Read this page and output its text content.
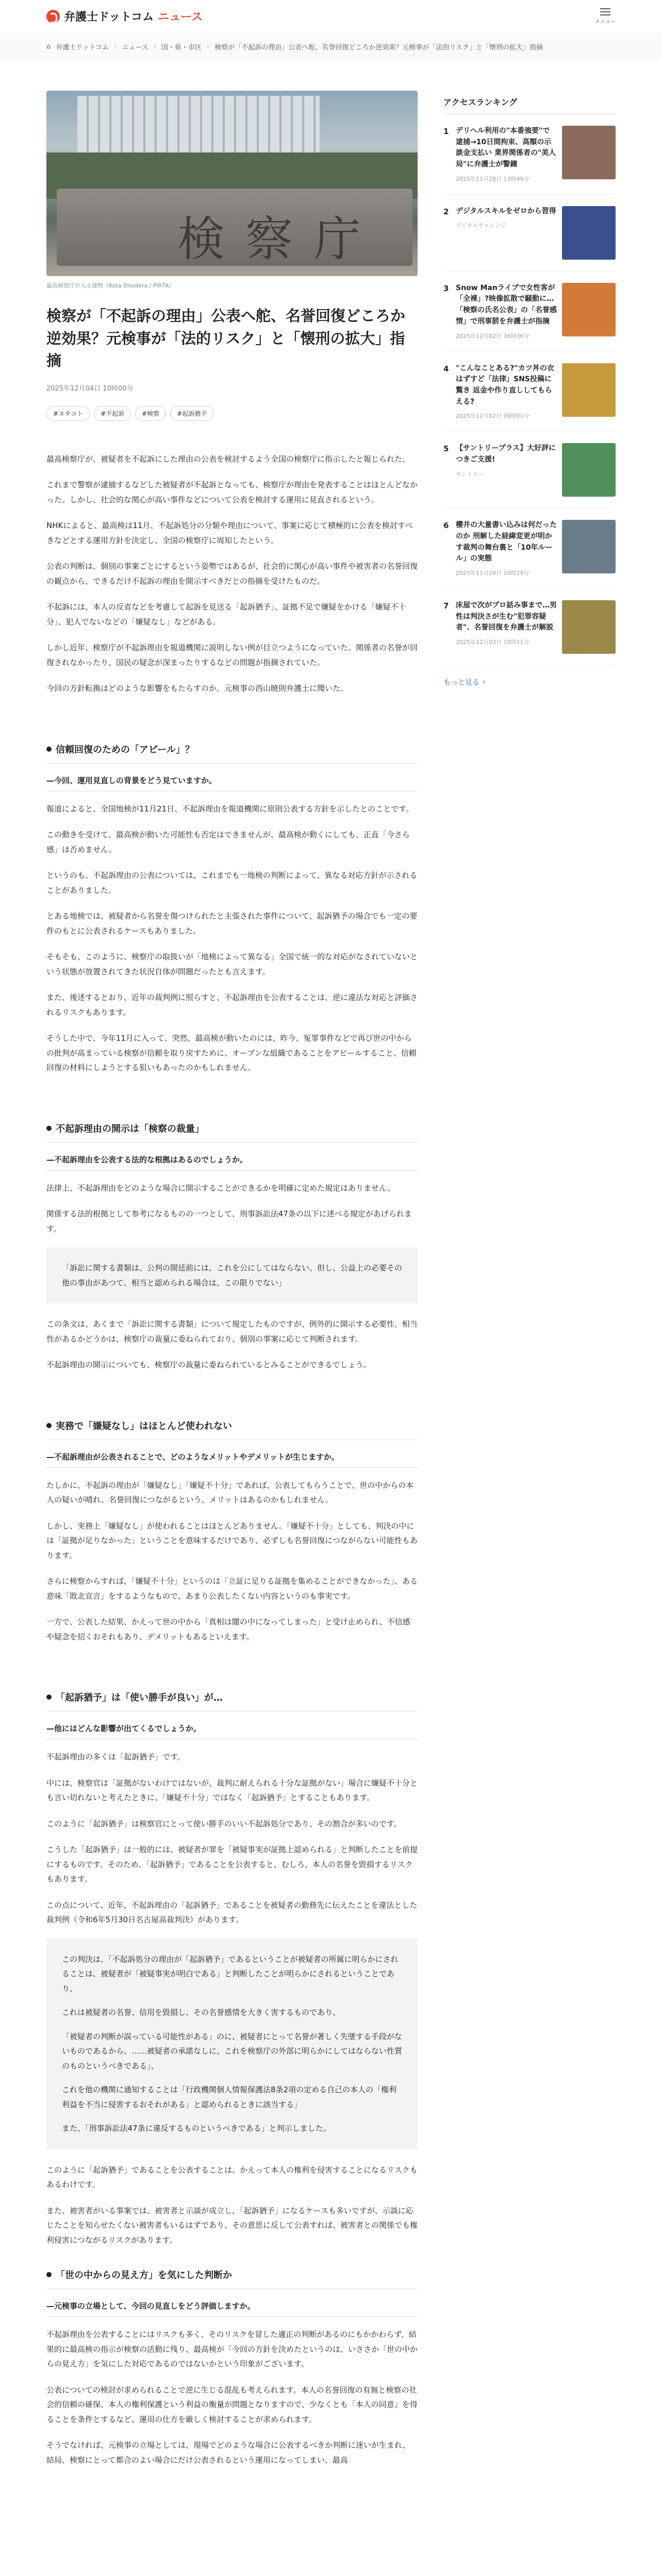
弁護士ドットコム ニュース	メニュー
⌂ 弁護士ドットコム › ニュース › 国・県・市区 › 検察が「不起訴の理由」公表へ舵、名誉回復どころか逆効果？元検事が「法的リスク」と「懐刑の拡大」指摘
検察庁
最高検察庁が入る建物（Kota Onodera / PIXTA）
検察が「不起訴の理由」公表へ舵、名誉回復どころか逆効果？元検事が「法的リスク」と「懐刑の拡大」指摘
2025年12月04日 10時00分
#ヌタコト	#不起訴	#検察	#起訴猶予

最高検察庁が、被疑者を不起訴にした理由の公表を検討するよう全国の検察庁に指示したと報じられた。

これまで警察が逮捕するなどした被疑者が不起訴となっても、検察庁が理由を発表することはほとんどなかった。しかし、社会的な関心が高い事件などについて公表を検討する運用に見直されるという。

NHKによると、最高検は11月、不起訴処分の分類や理由について、事案に応じて積極的に公表を検討すべきなどとする運用方針を決定し、全国の検察庁に周知したという。

公表の判断は、個別の事案ごとにするという姿勢ではあるが、社会的に関心が高い事件や被害者の名誉回復の観点から、できるだけ不起訴の理由を開示すべきだとの指摘を受けたものだ。

不起訴には、本人の反省などを考慮して起訴を見送る「起訴猶予」、証拠不足で嫌疑をかける「嫌疑不十分」、犯人でないなどの「嫌疑なし」などがある。

しかし近年、検察庁が不起訴理由を報道機関に説明しない例が目立つようになっていた。関係者の名誉が回復されなかったり、国民の疑念が深まったりするなどの問題が指摘されていた。

今回の方針転換はどのような影響をもたらすのか。元検事の西山暁則弁護士に聞いた。

信頼回復のための「アピール」？
—今回、運用見直しの背景をどう見ていますか。

報道によると、全国地検が11月21日、不起訴理由を報道機関に原則公表する方針を示したとのことです。

この動きを受けて、最高検が動いた可能性も否定はできませんが、最高検が動くにしても、正直「今さら感」は否めません。

というのも、不起訴理由の公表については、これまでも一地検の判断によって、異なる対応方針が示されることがありました。

とある地検では、被疑者から名誉を傷つけられたと主張された事件について、起訴猶予の場合でも一定の要件のもとに公表されるケースもありました。

そもそも、このように、検察庁の取扱いが「地検によって異なる」全国で統一的な対応がなされていないという状態が放置されてきた状況自体が問題だったとも言えます。

また、後述するとおり、近年の裁判例に照らすと、不起訴理由を公表することは、逆に違法な対応と評価されるリスクもあります。

そうした中で、今年11月に入って、突然、最高検が動いたのには、昨今、冤罪事件などで再び世の中からの批判が高まっている検察が信頼を取り戻すために、オープンな組織であることをアピールすること、信頼回復の材料にしようとする狙いもあったのかもしれません。

不起訴理由の開示は「検察の裁量」
—不起訴理由を公表する法的な根拠はあるのでしょうか。

法律上、不起訴理由をどのような場合に開示することができるかを明確に定めた規定はありません。

関係する法的根拠として参考になるものの一つとして、刑事訴訟法47条の以下に述べる規定があげられます。

「訴訟に関する書類は、公判の開廷前には、これを公にしてはならない。但し、公益上の必要その他の事由があつて、相当と認められる場合は、この限りでない」

この条文は、あくまで「訴訟に関する書類」について規定したものですが、例外的に開示する必要性、相当性があるかどうかは、検察庁の裁量に委ねられており、個別の事案に応じて判断されます。

不起訴理由の開示についても、検察庁の裁量に委ねられているとみることができるでしょう。

実務で「嫌疑なし」はほとんど使われない
—不起訴理由が公表されることで、どのようなメリットやデメリットが生じますか。

たしかに、不起訴の理由が「嫌疑なし」「嫌疑不十分」であれば、公表してもらうことで、世の中からの本人の疑いが晴れ、名誉回復につながるという、メリットはあるのかもしれません。

しかし、実務上「嫌疑なし」が使われることはほとんどありません。「嫌疑不十分」としても、判決の中には「証拠が足りなかった」ということを意味するだけであり、必ずしも名誉回復につながらない可能性もあります。

さらに検察からすれば、「嫌疑不十分」というのは「立証に足りる証拠を集めることができなかった」、ある意味「敗北宣言」をするようなもので、あまり公表したくない内容というのも事実です。

一方で、公表した結果、かえって世の中から「真相は闇の中になってしまった」と受け止められ、不信感や疑念を招くおそれもあり、デメリットもあるといえます。

「起訴猶予」は「使い勝手が良い」が…
—他にはどんな影響が出てくるでしょうか。

不起訴理由の多くは「起訴猶予」です。

中には、検察官は「証拠がないわけではないが、裁判に耐えられる十分な証拠がない」場合に嫌疑不十分とも言い切れないと考えたときに、「嫌疑不十分」ではなく「起訴猶予」とすることもあります。

このように「起訴猶予」は検察官にとって使い勝手のいい不起訴処分であり、その割合が多いのです。

こうした「起訴猶予」は一般的には、被疑者が罪を「被疑事実が証拠上認められる」と判断したことを前提にするものです。そのため、「起訴猶予」であることを公表すると、むしろ、本人の名誉を毀損するリスクもあります。

この点について、近年、不起訴理由の「起訴猶予」であることを被疑者の勤務先に伝えたことを違法とした裁判例（令和6年5月30日名古屋高裁判決）があります。

この判決は、「不起訴処分の理由が「起訴猶予」であるということが被疑者の所属に明らかにされることは、被疑者が「被疑事実が明白である」と判断したことが明らかにされるということであり、

これは被疑者の名誉、信用を毀損し、その名誉感情を大きく害するものであり、

「被疑者の判断が誤っている可能性がある」のに、被疑者にとって名誉が著しく失墜する手段がないものであるから、……被疑者の承諾なしに、これを検察庁の外部に明らかにしてはならない性質のものというべきである」、

これを他の機関に通知することは「行政機関個人情報保護法8条2項の定める自己の本人の「権利利益を不当に侵害するおそれがある」と認められるときに該当する」

また、「刑事訴訟法47条に違反するものというべきである」と判示しました。

このように「起訴猶予」であることを公表することは、かえって本人の権利を侵害することになるリスクもあるわけです。

また、被害者がいる事案では、被害者と示談が成立し、「起訴猶予」になるケースも多いですが、示談に応じたことを知らせたくない被害者もいるはずであり、その意思に反して公表すれば、被害者との関係でも権利侵害につながるリスクがあります。

「世の中からの見え方」を気にした判断か
—元検事の立場として、今回の見直しをどう評価しますか。

不起訴理由を公表することにはリスクも多く、そのリスクを冒した適正の判断があるのにもかかわらず、結果的に最高検の指示が検察の活動に残り、最高検が「今回の方針を決めたというのは、いささか「世の中からの見え方」を気にした対応であるのではないかという印象がございます。

公表についての検討が求められることで逆に生じる混乱も考えられます。本人の名誉回復の有無と検察の社会的信頼の確保、本人の権利保護という利益の衡量が問題となりますので、少なくとも「本人の同意」を得ることを条件とするなど、運用の仕方を厳しく検討することが求められます。

そうでなければ、元検事の立場としては、現場でどのような場合に公表するべきか判断に迷いが生まれ、結局、検察にとって都合のよい場合にだけ公表されるという運用になってしまい、最高

アクセスランキング
1 デリヘル利用の"本番強要"で逮捕→10日間拘束、高額の示談金支払い 業界関係者の"美人局"に弁護士が警鐘
2025年11月28日 13時49分
2 デジタルスキルをゼロから習得
デジタルチャレンジ
3 Snow Manライブで女性客が「全裸」?映像拡散で騒動に…「検察の氏名公表」の「名誉感情」で刑事罰を弁護士が指摘
2025年12月02日 16時36分
4 "こんなことある?"カツ丼の衣はずすど「法律」SNS投稿に驚き 返金や作り直ししてもらえる?
2025年12月02日 09時01分
5 【サントリープラス】大好評につきご支援!
サントリー
6 櫻井の大量書い込みは何だったのか 刑解した経緯変更が明かす裁判の舞台裏と「10年ルール」の実態
2025年11月29日 10時29分
7 床屋で次がプロ話み事まで…男性は判決さが生む"犯罪容疑者"、名誉回復を弁護士が解説
2025年12月03日 10時11分
もっと見る ›
